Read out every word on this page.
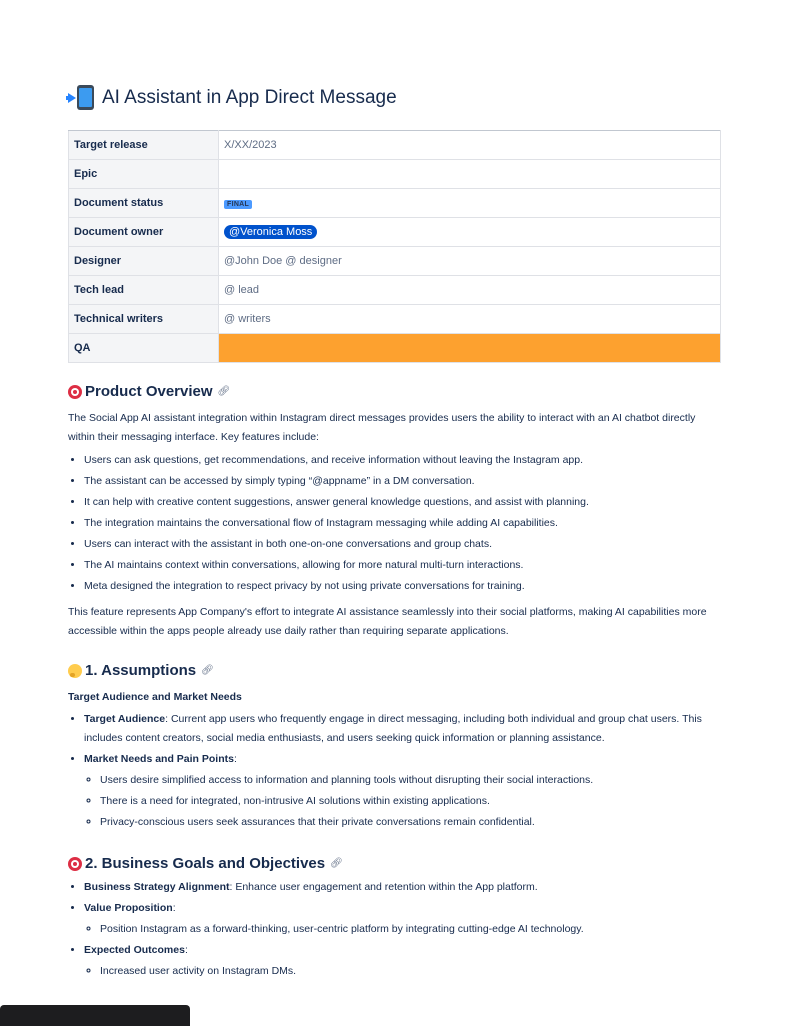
AI Assistant in App Direct Message
Target release	X/XX/2023
Epic	
Document status	FINAL
Document owner	@Veronica Moss
Designer	@John Doe @ designer
Tech lead	@ lead
Technical writers	@ writers
QA	
Product Overview 🔗︎

The Social App AI assistant integration within Instagram direct messages provides users the ability to interact with an AI chatbot directly within their messaging interface. Key features include:

• Users can ask questions, get recommendations, and receive information without leaving the Instagram app.
• The assistant can be accessed by simply typing “@appname” in a DM conversation.
• It can help with creative content suggestions, answer general knowledge questions, and assist with planning.
• The integration maintains the conversational flow of Instagram messaging while adding AI capabilities.
• Users can interact with the assistant in both one-on-one conversations and group chats.
• The AI maintains context within conversations, allowing for more natural multi-turn interactions.
• Meta designed the integration to respect privacy by not using private conversations for training.

This feature represents App Company's effort to integrate AI assistance seamlessly into their social platforms, making AI capabilities more accessible within the apps people already use daily rather than requiring separate applications.

1. Assumptions 🔗︎
Target Audience and Market Needs
• Target Audience: Current app users who frequently engage in direct messaging, including both individual and group chat users. This includes content creators, social media enthusiasts, and users seeking quick information or planning assistance.
• Market Needs and Pain Points:
◦ Users desire simplified access to information and planning tools without disrupting their social interactions.
◦ There is a need for integrated, non-intrusive AI solutions within existing applications.
◦ Privacy-conscious users seek assurances that their private conversations remain confidential.
2. Business Goals and Objectives 🔗︎
• Business Strategy Alignment: Enhance user engagement and retention within the App platform.
• Value Proposition:
◦ Position Instagram as a forward-thinking, user-centric platform by integrating cutting-edge AI technology.
• Expected Outcomes:
◦ Increased user activity on Instagram DMs.
